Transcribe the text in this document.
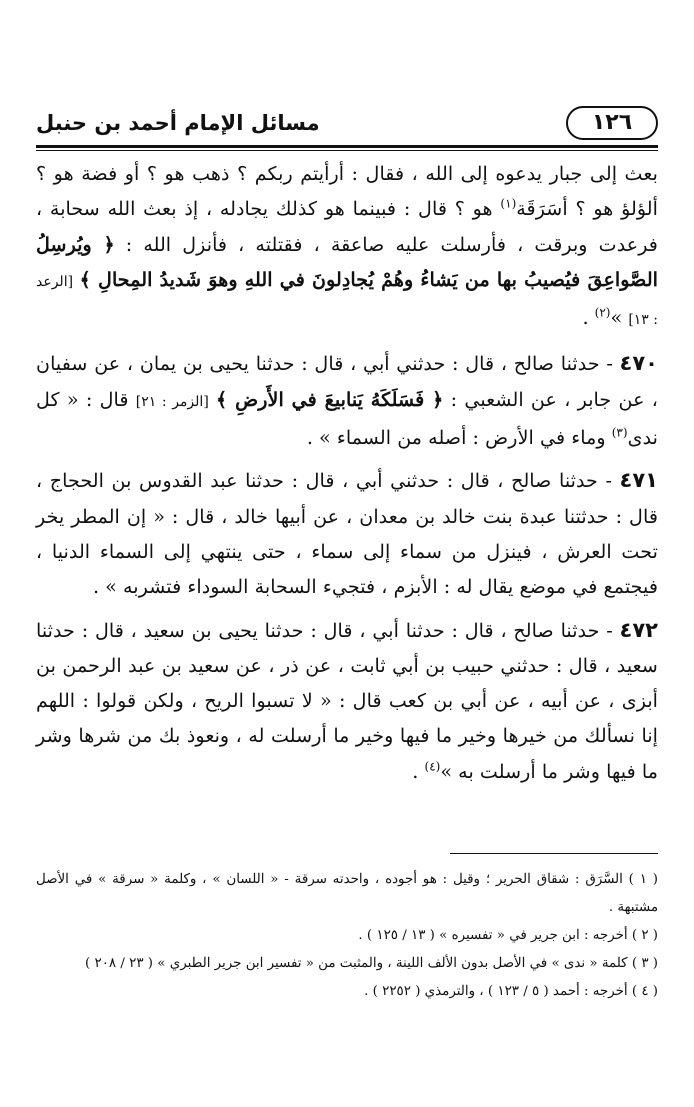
١٢٦
مسائل الإمام أحمد بن حنبل

بعث إلى جبار يدعوه إلى الله ، فقال : أرأيتم ربكم ؟ ذهب هو ؟ أو فضة هو ؟ ألؤلؤ هو ؟ أسَرَقَة$^{(١)}$ هو ؟ قال : فبينما هو كذلك يجادله ، إذ بعث الله سحابة ، فرعدت وبرقت ، فأرسلت عليه صاعقة ، فقتلته ، فأنزل الله : ﴿ ويُرسِلُ الصَّواعِقَ فيُصيبُ بها من يَشاءُ وهُمْ يُجادِلونَ في اللهِ وهوَ شَديدُ المِحالِ ﴾ [الرعد : ١٣] »$^{(٢)}$ .

٤٧٠ - حدثنا صالح ، قال : حدثني أبي ، قال : حدثنا يحيى بن يمان ، عن سفيان ، عن جابر ، عن الشعبي : ﴿ فَسَلَكَهُ يَنابيعَ في الأَرضِ ﴾ [الزمر : ٢١] قال : « كل ندى$^{(٣)}$ وماء في الأرض : أصله من السماء » .

٤٧١ - حدثنا صالح ، قال : حدثني أبي ، قال : حدثنا عبد القدوس بن الحجاج ، قال : حدثتنا عبدة بنت خالد بن معدان ، عن أبيها خالد ، قال : « إن المطر يخر تحت العرش ، فينزل من سماء إلى سماء ، حتى ينتهي إلى السماء الدنيا ، فيجتمع في موضع يقال له : الأبزم ، فتجيء السحابة السوداء فتشربه » .

٤٧٢ - حدثنا صالح ، قال : حدثنا أبي ، قال : حدثنا يحيى بن سعيد ، قال : حدثنا سعيد ، قال : حدثني حبيب بن أبي ثابت ، عن ذر ، عن سعيد بن عبد الرحمن بن أبزى ، عن أبيه ، عن أبي بن كعب قال : « لا تسبوا الريح ، ولكن قولوا : اللهم إنا نسألك من خيرها وخير ما فيها وخير ما أرسلت له ، ونعوذ بك من شرها وشر ما فيها وشر ما أرسلت به »$^{(٤)}$ .

( ١ ) السَّرَق : شقاق الحرير ؛ وقيل : هو أجوده ، واحدته سرقة - « اللسان » ، وكلمة « سرقة » في الأصل مشتبهة .

( ٢ ) أخرجه : ابن جرير في « تفسيره » ( ١٣ / ١٢٥ ) .

( ٣ ) كلمة « ندى » في الأصل بدون الألف اللينة ، والمثبت من « تفسير ابن جرير الطبري » ( ٢٣ / ٢٠٨ )

( ٤ ) أخرجه : أحمد ( ٥ / ١٢٣ ) ، والترمذي ( ٢٢٥٢ ) .
